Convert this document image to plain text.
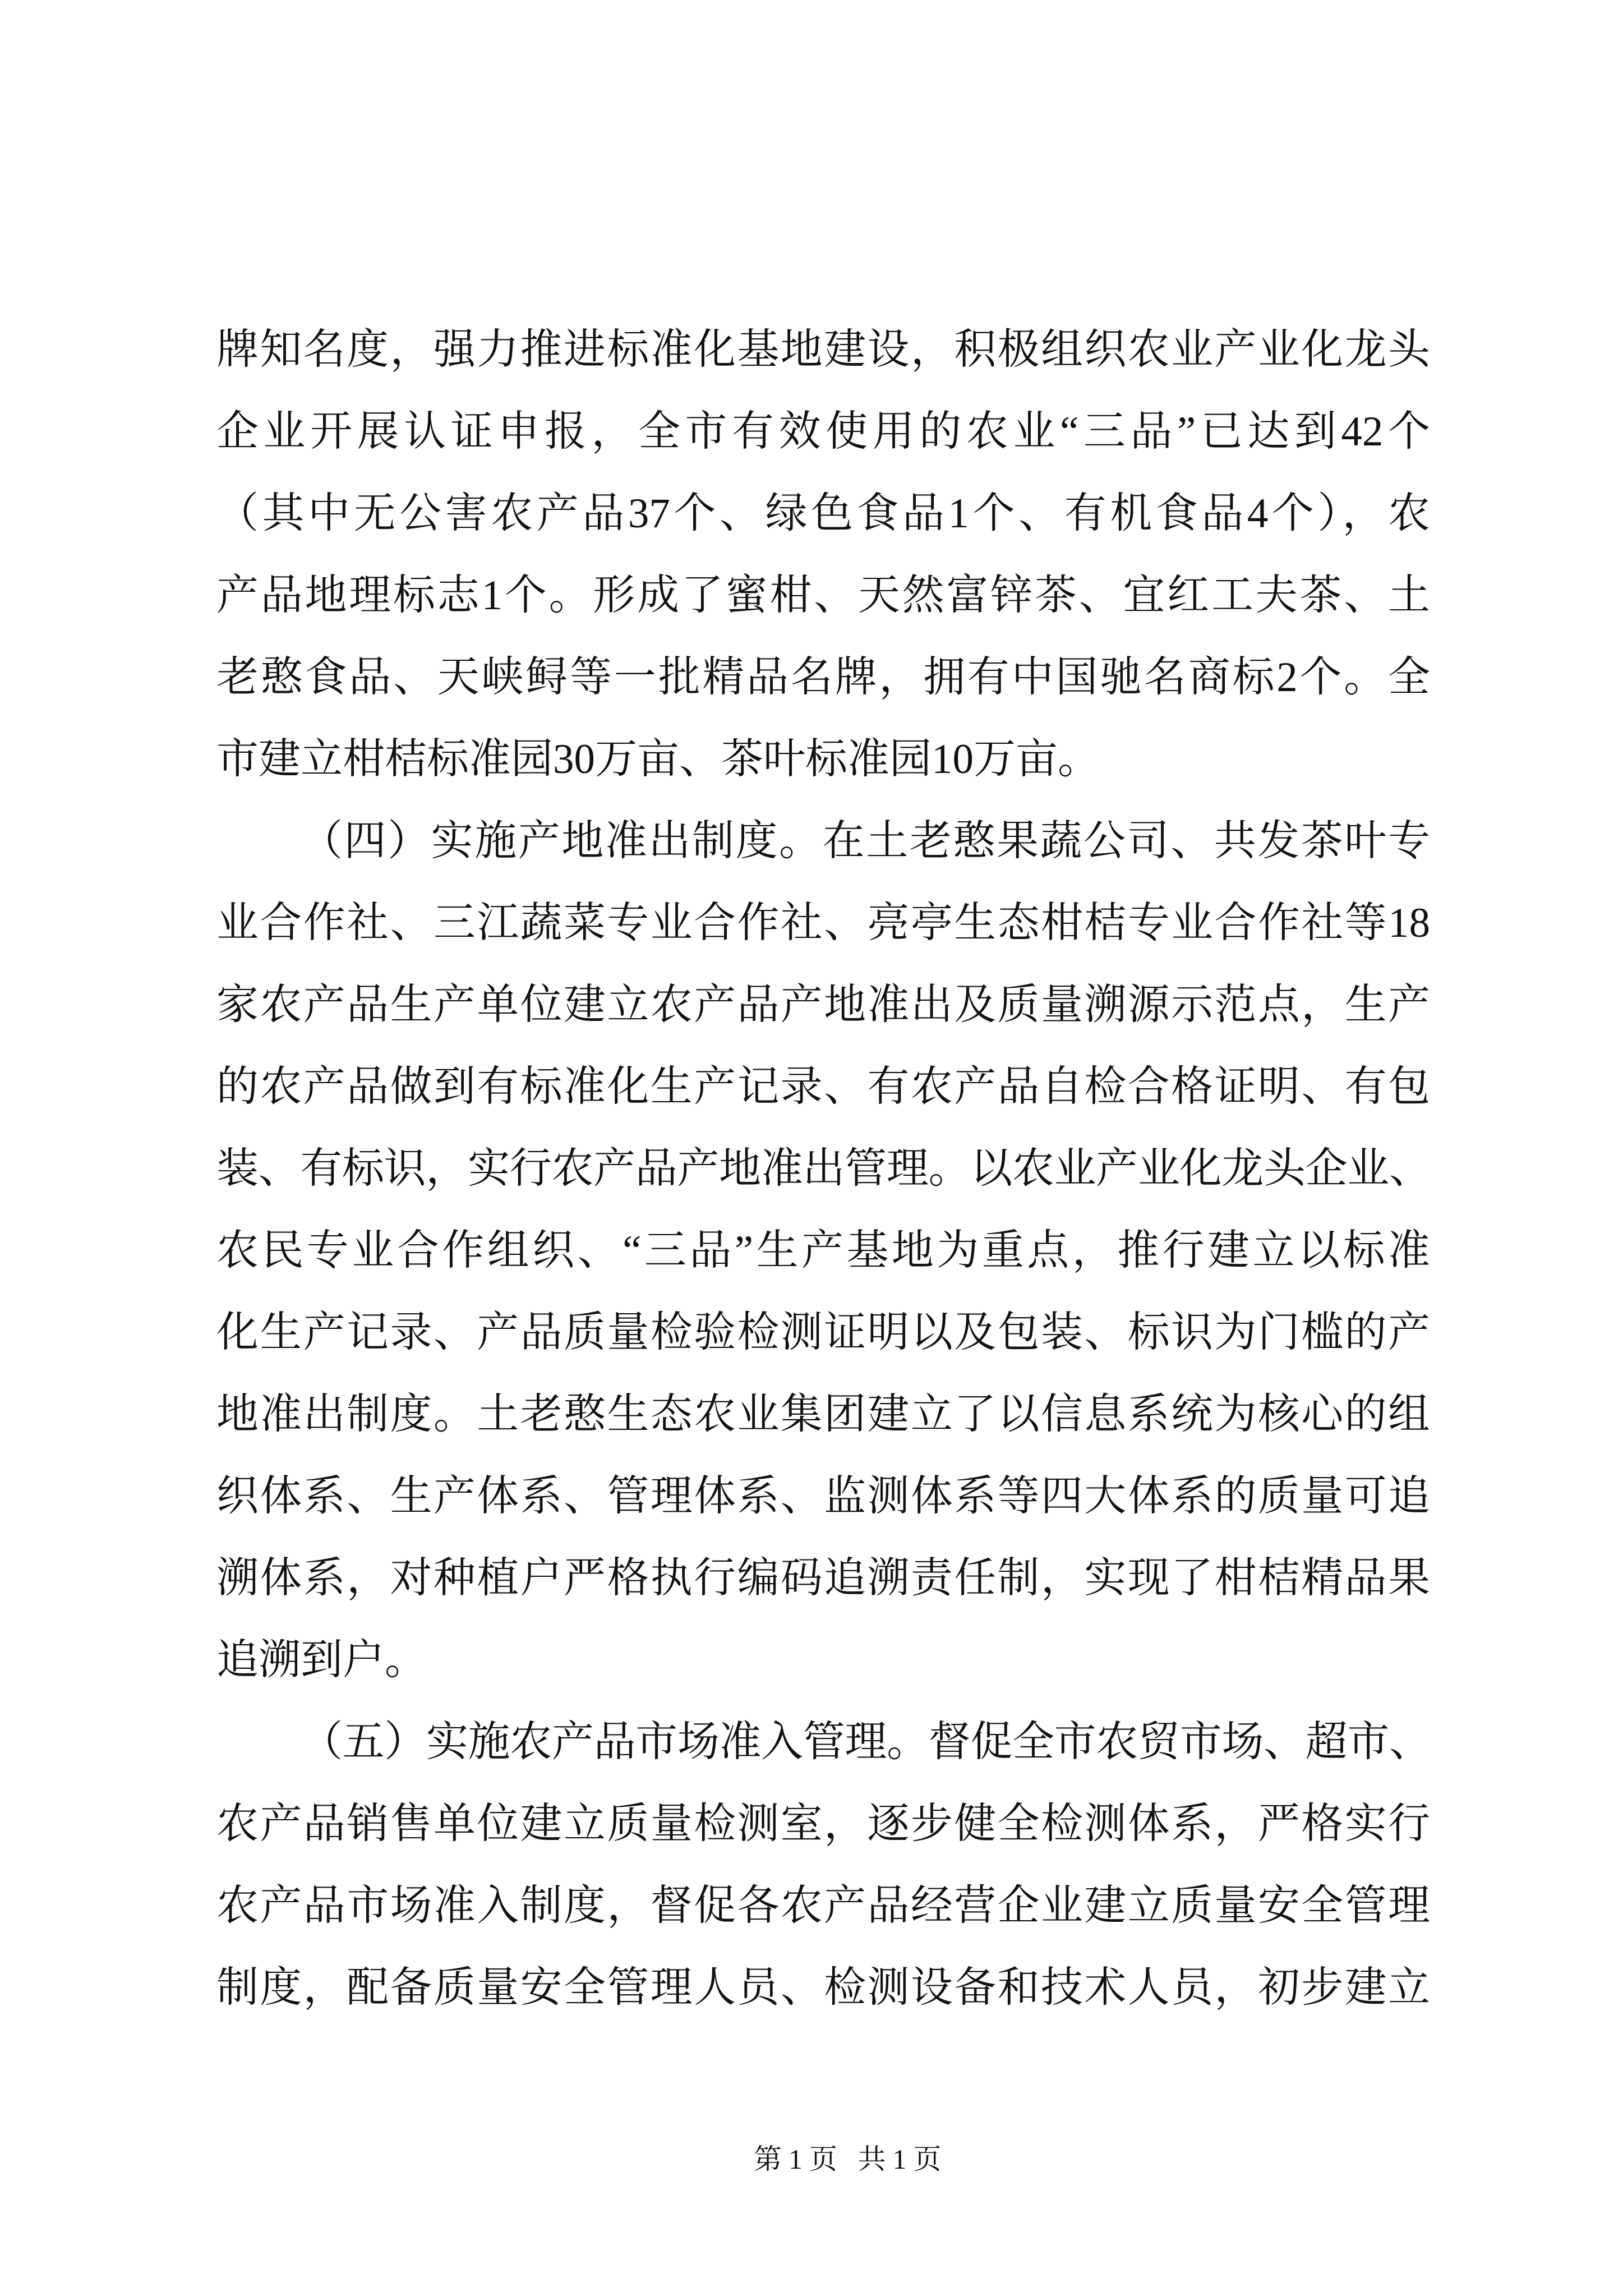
牌知名度，强力推进标准化基地建设，积极组织农业产业化龙头
企业开展认证申报，全市有效使用的农业“三品”已达到42个
（其中无公害农产品37个、绿色食品1个、有机食品4个），农
产品地理标志1个。形成了蜜柑、天然富锌茶、宜红工夫茶、土
老憨食品、天峡鲟等一批精品名牌，拥有中国驰名商标2个。全
市建立柑桔标准园30万亩、茶叶标准园10万亩。
（四）实施产地准出制度。在土老憨果蔬公司、共发茶叶专
业合作社、三江蔬菜专业合作社、亮亭生态柑桔专业合作社等18
家农产品生产单位建立农产品产地准出及质量溯源示范点，生产
的农产品做到有标准化生产记录、有农产品自检合格证明、有包
装、有标识，实行农产品产地准出管理。以农业产业化龙头企业、
农民专业合作组织、“三品”生产基地为重点，推行建立以标准
化生产记录、产品质量检验检测证明以及包装、标识为门槛的产
地准出制度。土老憨生态农业集团建立了以信息系统为核心的组
织体系、生产体系、管理体系、监测体系等四大体系的质量可追
溯体系，对种植户严格执行编码追溯责任制，实现了柑桔精品果
追溯到户。
（五）实施农产品市场准入管理。督促全市农贸市场、超市、
农产品销售单位建立质量检测室，逐步健全检测体系，严格实行
农产品市场准入制度，督促各农产品经营企业建立质量安全管理
制度，配备质量安全管理人员、检测设备和技术人员，初步建立
第1页 共1页
